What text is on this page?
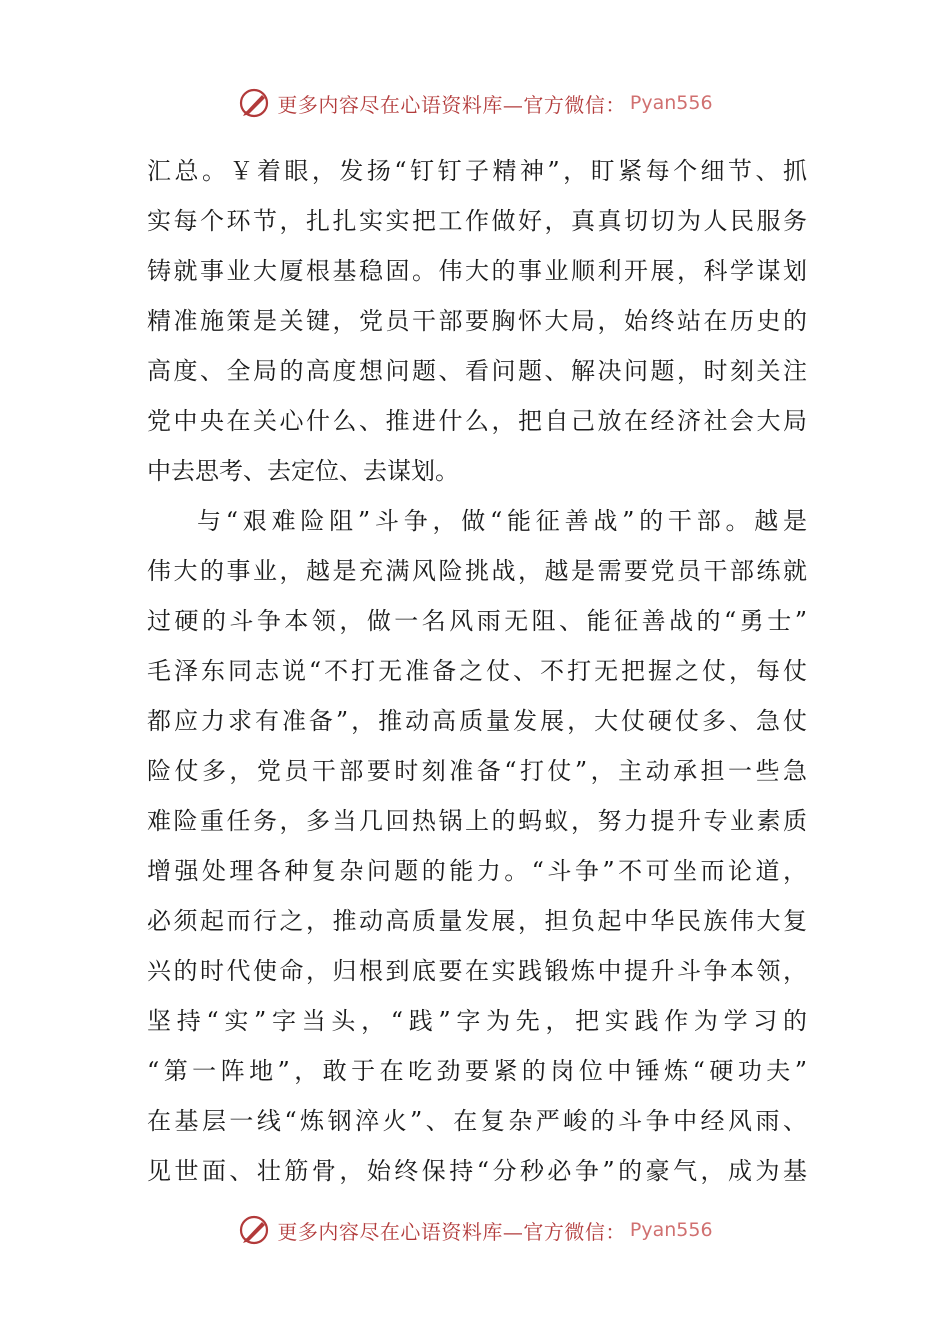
更多内容尽在心语资料库—官方微信： Pyan556
汇总。￥着眼，发扬“钉钉子精神”，盯紧每个细节、抓
实每个环节，扎扎实实把工作做好，真真切切为人民服务
铸就事业大厦根基稳固。伟大的事业顺利开展，科学谋划
精准施策是关键，党员干部要胸怀大局，始终站在历史的
高度、全局的高度想问题、看问题、解决问题，时刻关注
党中央在关心什么、推进什么，把自己放在经济社会大局
中去思考、去定位、去谋划。
与“艰难险阻”斗争，做“能征善战”的干部。越是
伟大的事业，越是充满风险挑战，越是需要党员干部练就
过硬的斗争本领，做一名风雨无阻、能征善战的“勇士”
毛泽东同志说“不打无准备之仗、不打无把握之仗，每仗
都应力求有准备”，推动高质量发展，大仗硬仗多、急仗
险仗多，党员干部要时刻准备“打仗”，主动承担一些急
难险重任务，多当几回热锅上的蚂蚁，努力提升专业素质
增强处理各种复杂问题的能力。“斗争”不可坐而论道，
必须起而行之，推动高质量发展，担负起中华民族伟大复
兴的时代使命，归根到底要在实践锻炼中提升斗争本领，
坚持“实”字当头，“践”字为先，把实践作为学习的
“第一阵地”，敢于在吃劲要紧的岗位中锤炼“硬功夫”
在基层一线“炼钢淬火”、在复杂严峻的斗争中经风雨、
见世面、壮筋骨，始终保持“分秒必争”的豪气，成为基
更多内容尽在心语资料库—官方微信： Pyan556
